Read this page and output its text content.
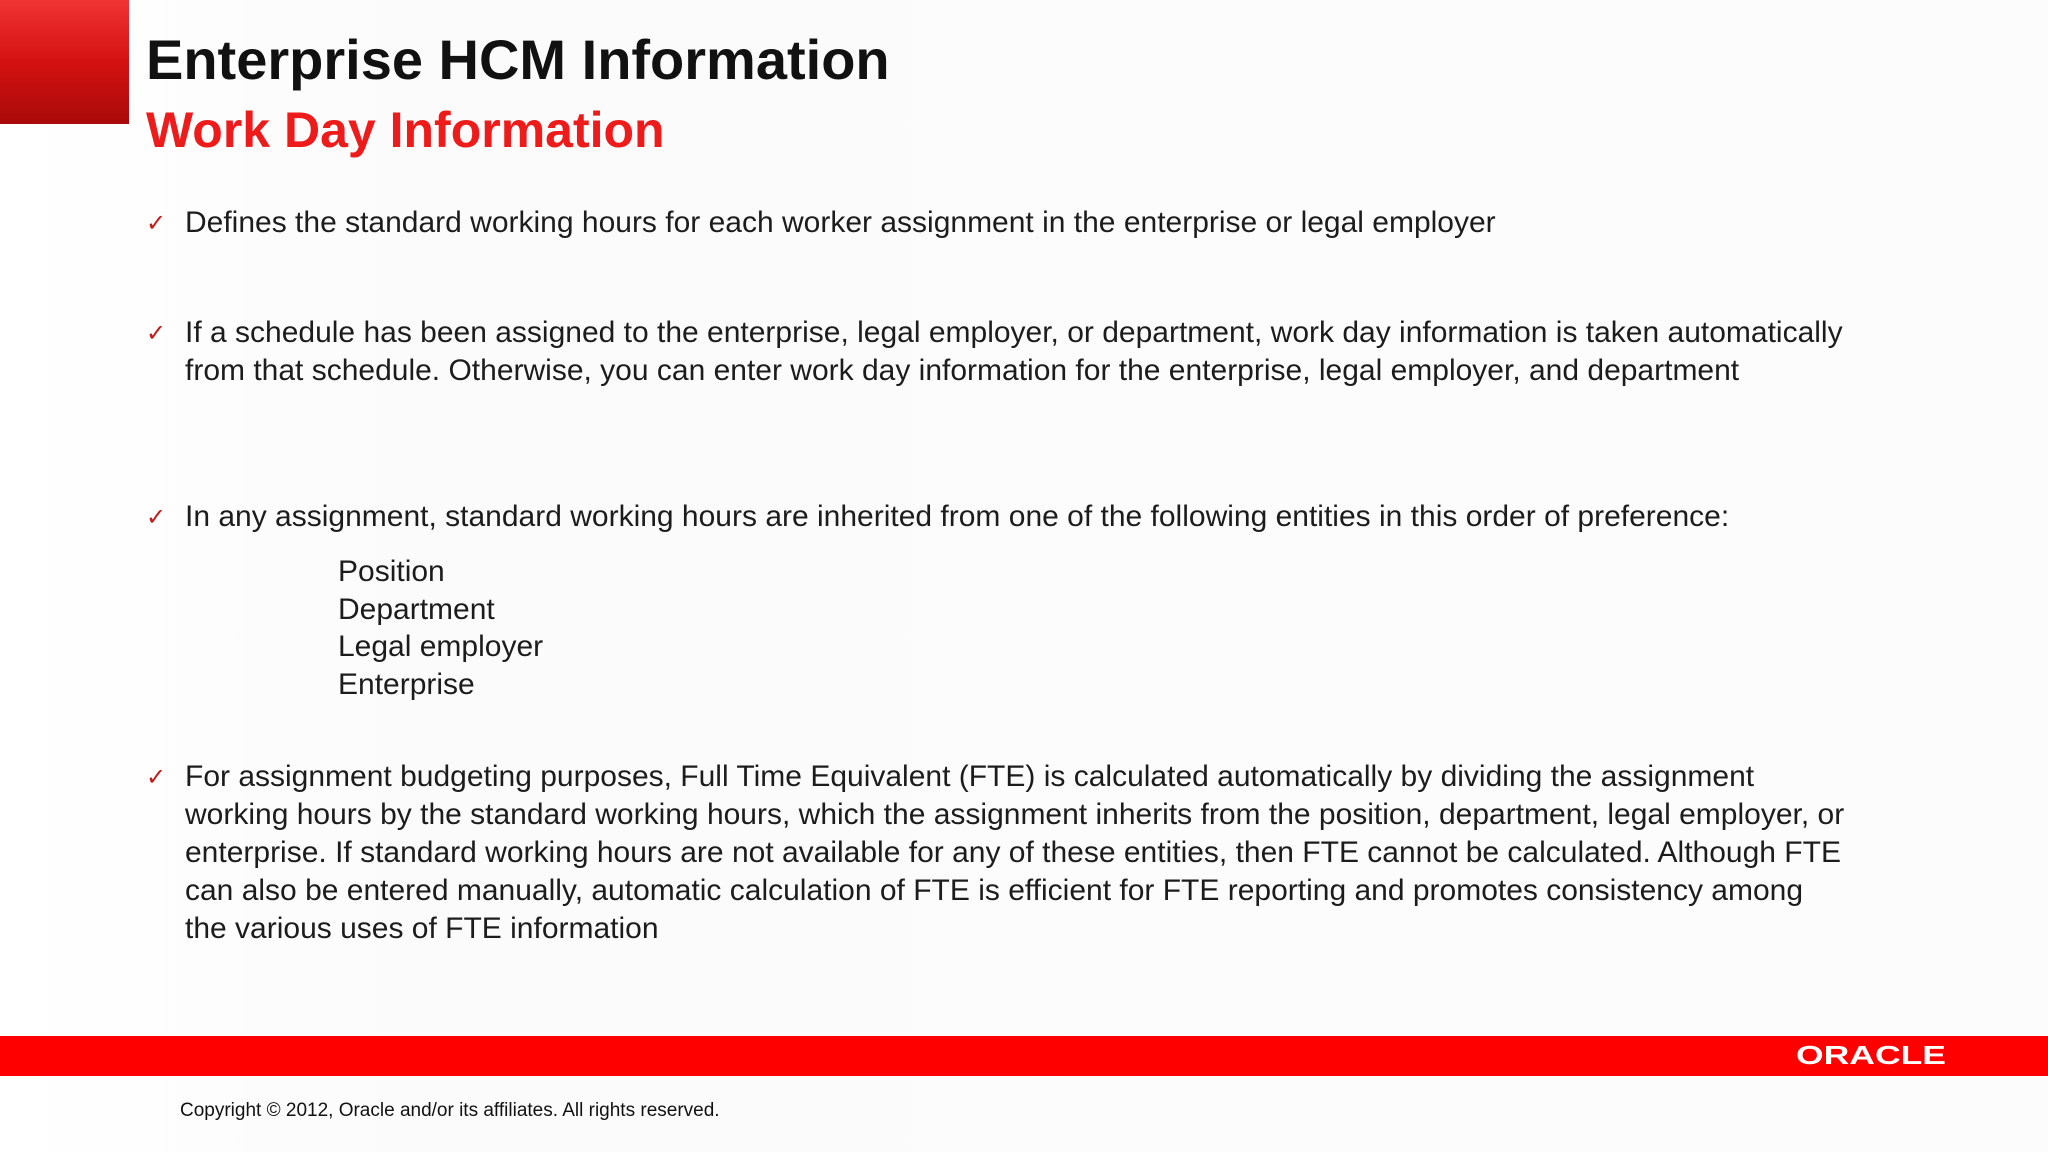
Enterprise HCM Information
Work Day Information
✓ Defines the standard working hours for each worker assignment in the enterprise or legal employer

✓ If a schedule has been assigned to the enterprise, legal employer, or department, work day information is taken automatically from that schedule. Otherwise, you can enter work day information for the enterprise, legal employer, and department

✓ In any assignment, standard working hours are inherited from one of the following entities in this order of preference:

✓ For assignment budgeting purposes, Full Time Equivalent (FTE) is calculated automatically by dividing the assignment working hours by the standard working hours, which the assignment inherits from the position, department, legal employer, or enterprise. If standard working hours are not available for any of these entities, then FTE cannot be calculated. Although FTE can also be entered manually, automatic calculation of FTE is efficient for FTE reporting and promotes consistency among the various uses of FTE information

Position
Department
Legal employer
Enterprise
ORACLE
Copyright © 2012, Oracle and/or its affiliates. All rights reserved.
